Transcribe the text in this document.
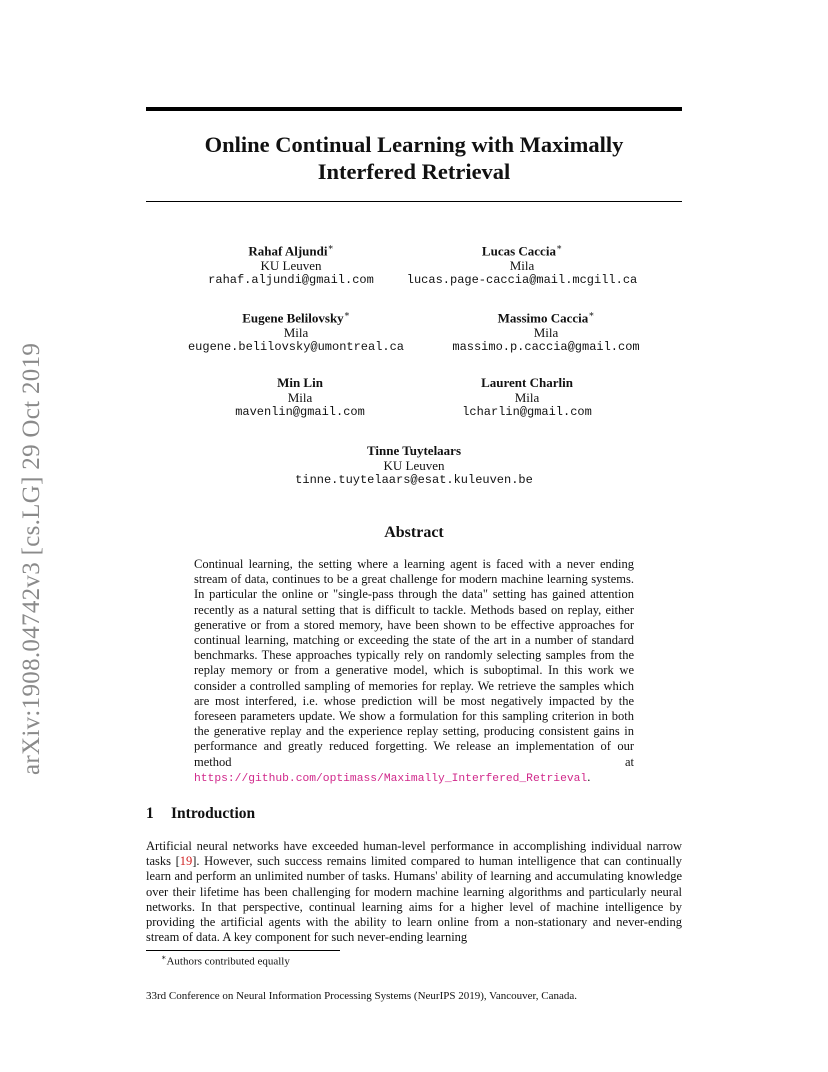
arXiv:1908.04742v3 [cs.LG] 29 Oct 2019
Online Continual Learning with Maximally
Interfered Retrieval
Rahaf Aljundi∗
KU Leuven
rahaf.aljundi@gmail.com
Lucas Caccia∗
Mila
lucas.page-caccia@mail.mcgill.ca
Eugene Belilovsky∗
Mila
eugene.belilovsky@umontreal.ca
Massimo Caccia∗
Mila
massimo.p.caccia@gmail.com
Min Lin
Mila
mavenlin@gmail.com
Laurent Charlin
Mila
lcharlin@gmail.com
Tinne Tuytelaars
KU Leuven
tinne.tuytelaars@esat.kuleuven.be
Abstract
Continual learning, the setting where a learning agent is faced with a never ending stream of data, continues to be a great challenge for modern machine learning systems. In particular the online or "single-pass through the data" setting has gained attention recently as a natural setting that is difficult to tackle. Methods based on replay, either generative or from a stored memory, have been shown to be effective approaches for continual learning, matching or exceeding the state of the art in a number of standard benchmarks. These approaches typically rely on randomly selecting samples from the replay memory or from a generative model, which is suboptimal. In this work we consider a controlled sampling of memories for replay. We retrieve the samples which are most interfered, i.e. whose prediction will be most negatively impacted by the foreseen parameters update. We show a formulation for this sampling criterion in both the generative replay and the experience replay setting, producing consistent gains in performance and greatly reduced forgetting. We release an implementation of our method at https://github.com/optimass/Maximally_Interfered_Retrieval.
1 Introduction
Artificial neural networks have exceeded human-level performance in accomplishing individual narrow tasks [19]. However, such success remains limited compared to human intelligence that can continually learn and perform an unlimited number of tasks. Humans' ability of learning and accumulating knowledge over their lifetime has been challenging for modern machine learning algorithms and particularly neural networks. In that perspective, continual learning aims for a higher level of machine intelligence by providing the artificial agents with the ability to learn online from a non-stationary and never-ending stream of data. A key component for such never-ending learning
∗Authors contributed equally
33rd Conference on Neural Information Processing Systems (NeurIPS 2019), Vancouver, Canada.
